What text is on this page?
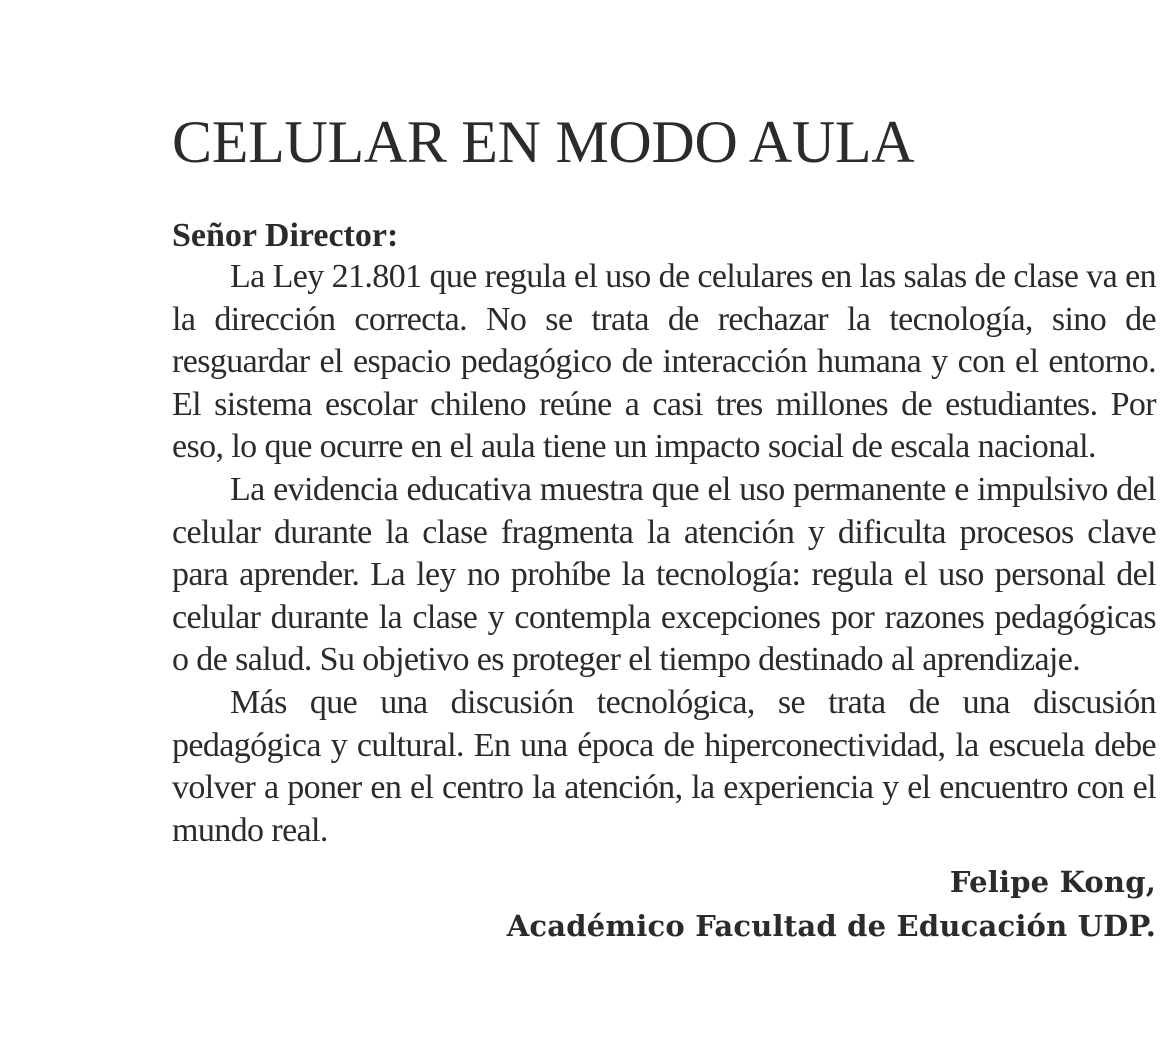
CELULAR EN MODO AULA

Señor Director:

La Ley 21.801 que regula el uso de celulares en las salas de clase va en la dirección correcta. No se trata de rechazar la tecnología, sino de resguardar el espacio pedagógico de interacción humana y con el entorno. El sistema escolar chileno reúne a casi tres millones de estudiantes. Por eso, lo que ocurre en el aula tiene un impacto social de escala nacional.

La evidencia educativa muestra que el uso permanente e impulsivo del celular durante la clase fragmenta la atención y dificulta procesos clave para aprender. La ley no prohíbe la tecnología: regula el uso personal del celular durante la clase y contempla excepciones por razones pedagógicas o de salud. Su objetivo es proteger el tiempo destinado al aprendizaje.

Más que una discusión tecnológica, se trata de una discusión pedagógica y cultural. En una época de hiperconectividad, la escuela debe volver a poner en el centro la atención, la experiencia y el encuentro con el mundo real.

Felipe Kong,
Académico Facultad de Educación UDP.
